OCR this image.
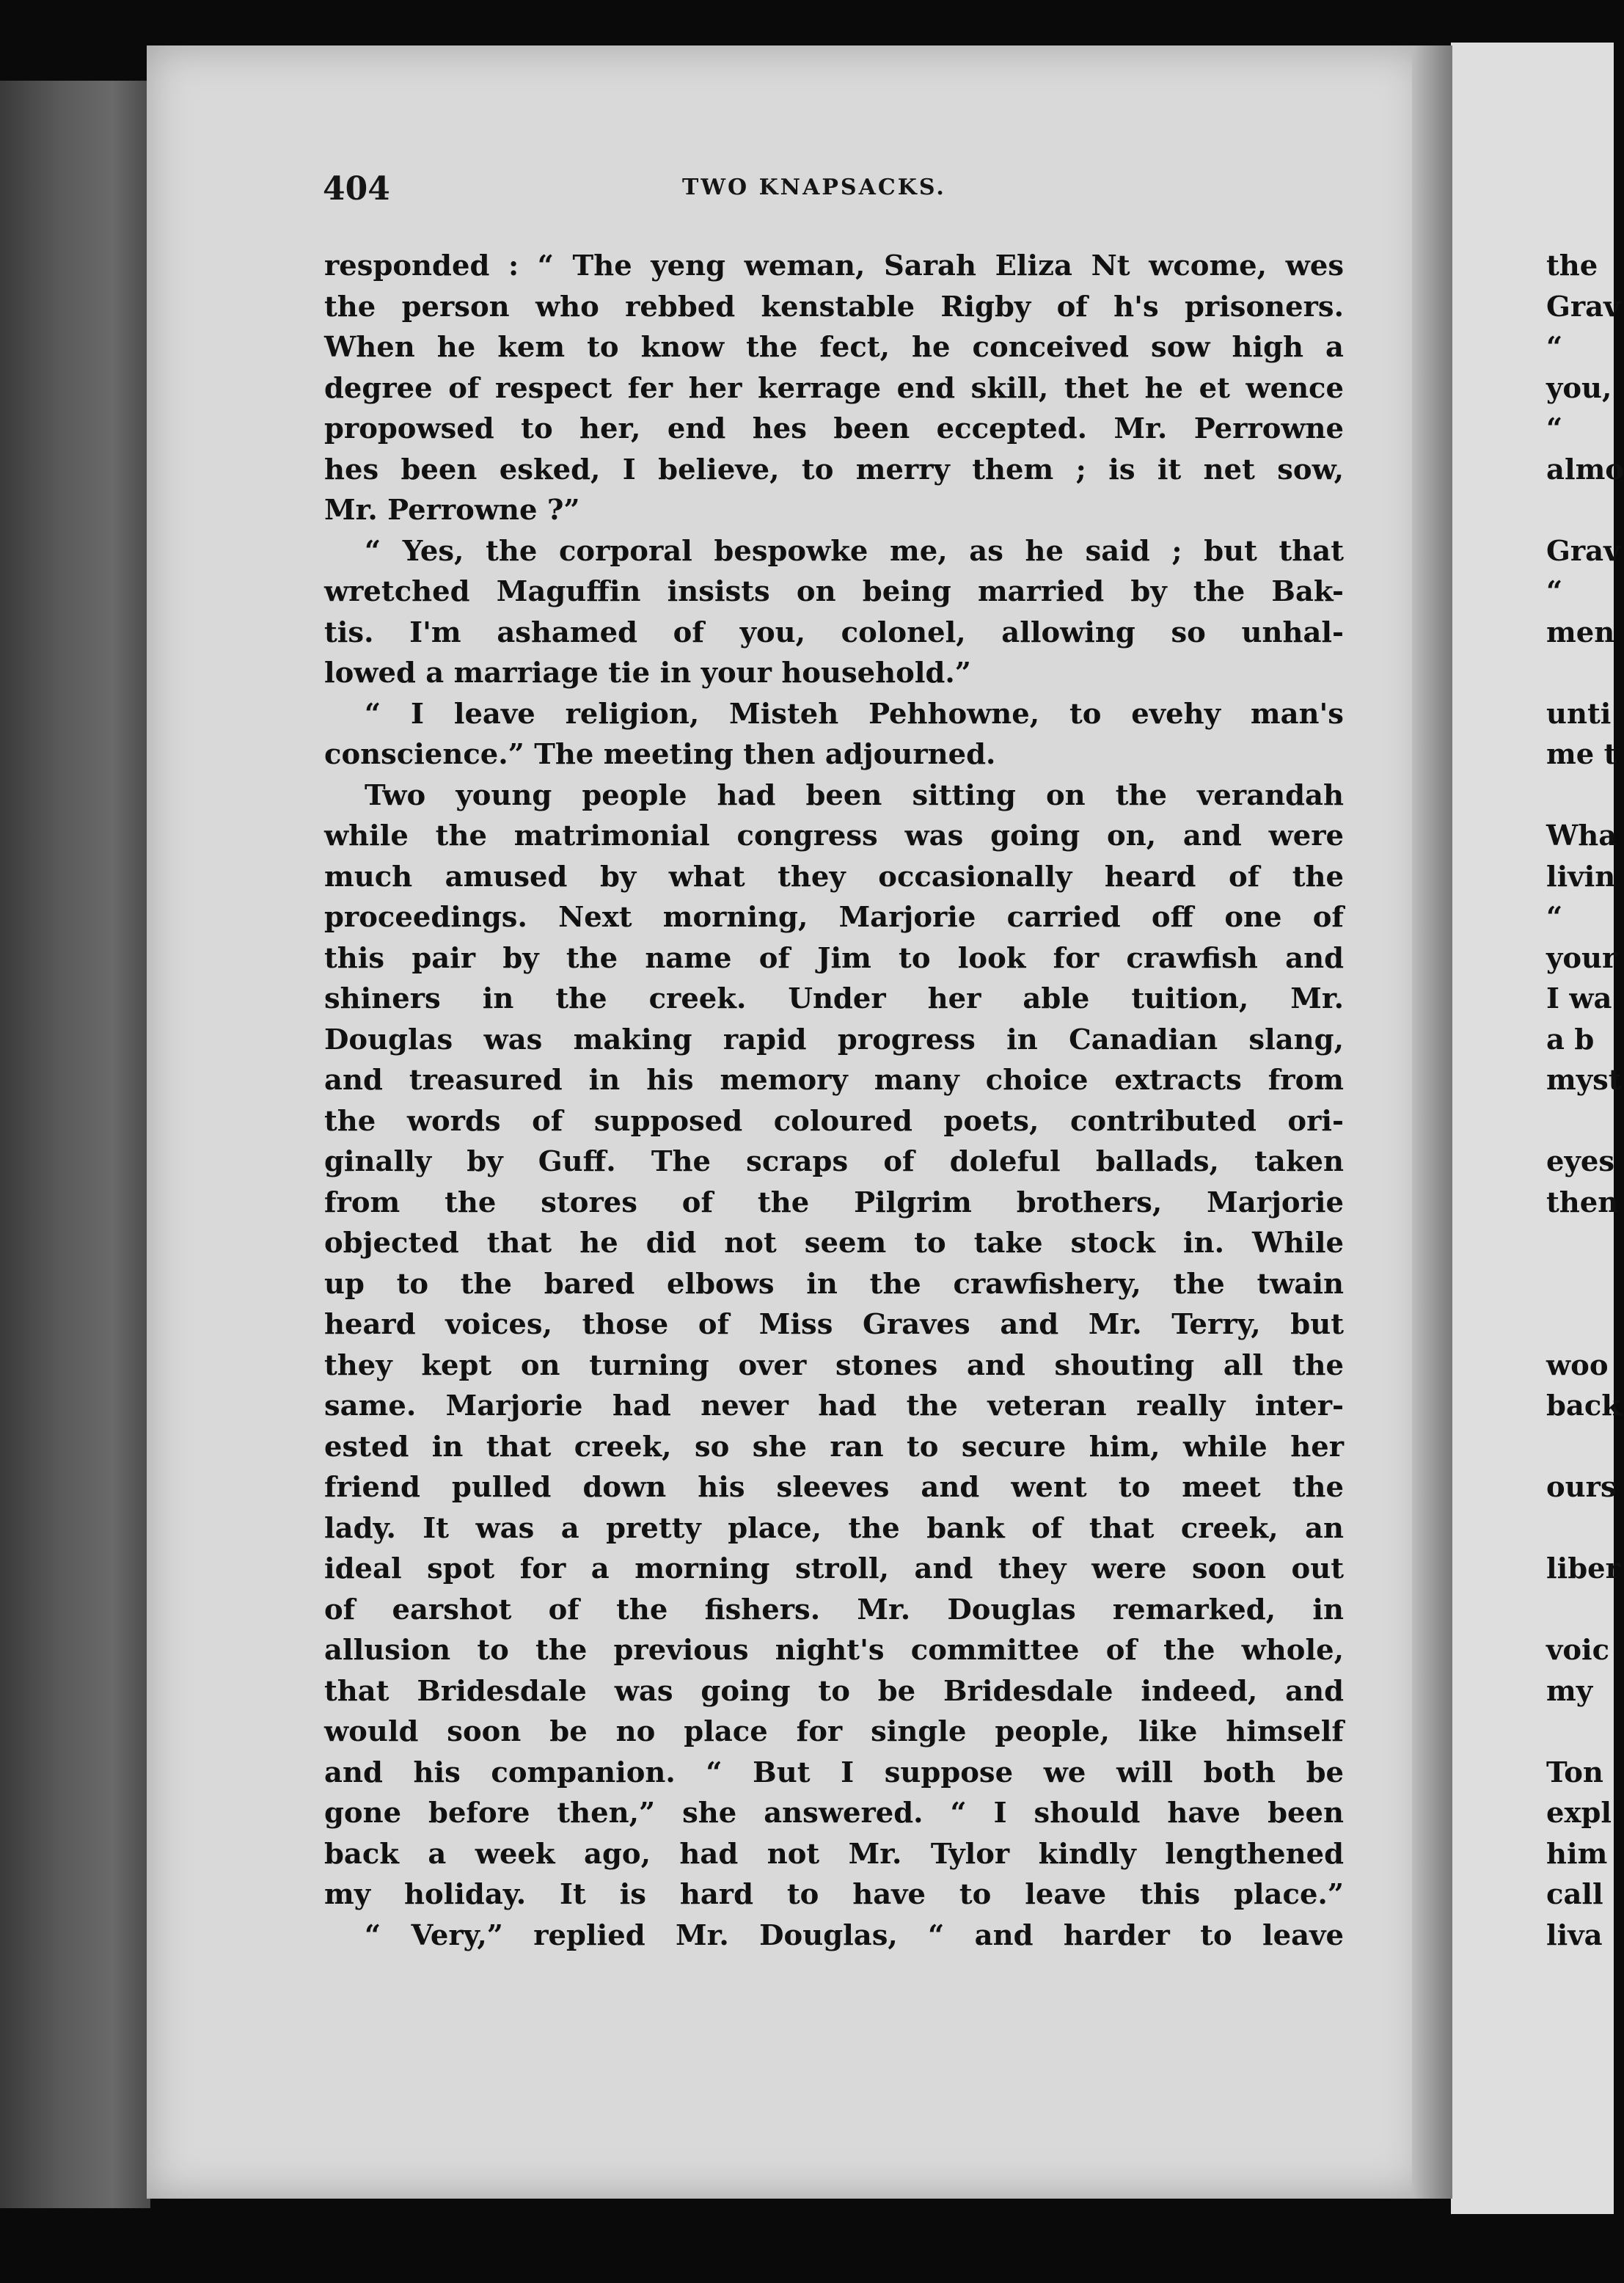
404	TWO KNAPSACKS.
responded : “ The yeng weman, Sarah Eliza Nt wcome, wes
the person who rebbed kenstable Rigby of h's prisoners.
When he kem to know the fect, he conceived sow high a
degree of respect fer her kerrage end skill, thet he et wence
propowsed to her, end hes been eccepted. Mr. Perrowne
hes been esked, I believe, to merry them ; is it net sow,
Mr. Perrowne ?”
“ Yes, the corporal bespowke me, as he said ; but that
wretched Maguffin insists on being married by the Bak-
tis. I'm ashamed of you, colonel, allowing so unhal-
lowed a marriage tie in your household.”
“ I leave religion, Misteh Pehhowne, to evehy man's
conscience.” The meeting then adjourned.
Two young people had been sitting on the verandah
while the matrimonial congress was going on, and were
much amused by what they occasionally heard of the
proceedings. Next morning, Marjorie carried off one of
this pair by the name of Jim to look for crawfish and
shiners in the creek. Under her able tuition, Mr.
Douglas was making rapid progress in Canadian slang,
and treasured in his memory many choice extracts from
the words of supposed coloured poets, contributed ori-
ginally by Guff. The scraps of doleful ballads, taken
from the stores of the Pilgrim brothers, Marjorie
objected that he did not seem to take stock in. While
up to the bared elbows in the crawfishery, the twain
heard voices, those of Miss Graves and Mr. Terry, but
they kept on turning over stones and shouting all the
same. Marjorie had never had the veteran really inter-
ested in that creek, so she ran to secure him, while her
friend pulled down his sleeves and went to meet the
lady. It was a pretty place, the bank of that creek, an
ideal spot for a morning stroll, and they were soon out
of earshot of the fishers. Mr. Douglas remarked, in
allusion to the previous night's committee of the whole,
that Bridesdale was going to be Bridesdale indeed, and
would soon be no place for single people, like himself
and his companion. “ But I suppose we will both be
gone before then,” she answered. “ I should have been
back a week ago, had not Mr. Tylor kindly lengthened
my holiday. It is hard to have to leave this place.”
“ Very,” replied Mr. Douglas, “ and harder to leave
the
Grav
“
you,
“
almo
Grav
“
men
unti
me t
Wha
livin
“
your
I wa
a b
myst
eyes
then
woo
back
ours
liber
voic
my
Ton
expl
him
call
liva
